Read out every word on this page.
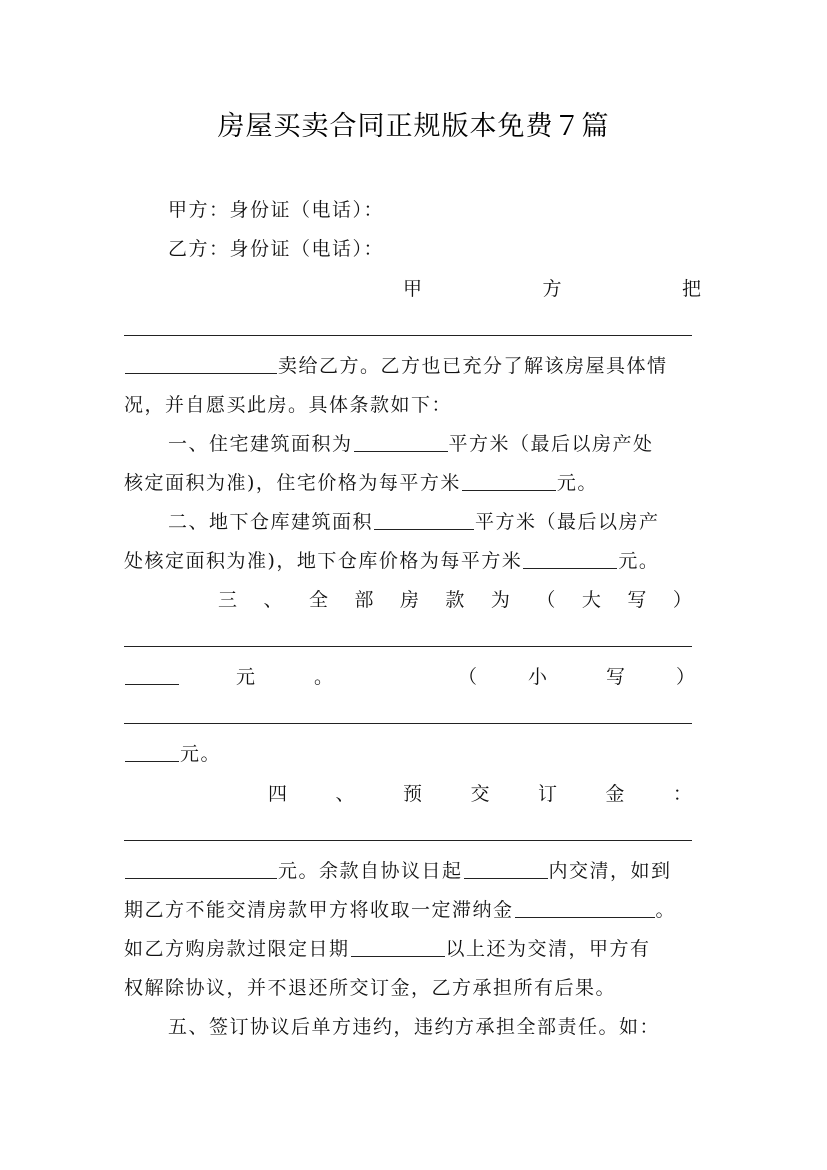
房屋买卖合同正规版本免费７篇
甲方：身份证（电话）：
乙方：身份证（电话）：
甲	方	把
卖给乙方。乙方也已充分了解该房屋具体情
况，并自愿买此房。具体条款如下：
一、住宅建筑面积为	平方米（最后以房产处
核定面积为准)，住宅价格为每平方米	元。
二、地下仓库建筑面积	平方米（最后以房产
处核定面积为准)，地下仓库价格为每平方米	元。
三 、 全 部 房 款 为 （ 大 写 ）
元	。	（	小	写	）
元。
四	、	预	交	订	金	：
元。余款自协议日起	内交清，如到
期乙方不能交清房款甲方将收取一定滞纳金	。
如乙方购房款过限定日期	以上还为交清，甲方有
权解除协议，并不退还所交订金，乙方承担所有后果。
五、签订协议后单方违约，违约方承担全部责任。如：
